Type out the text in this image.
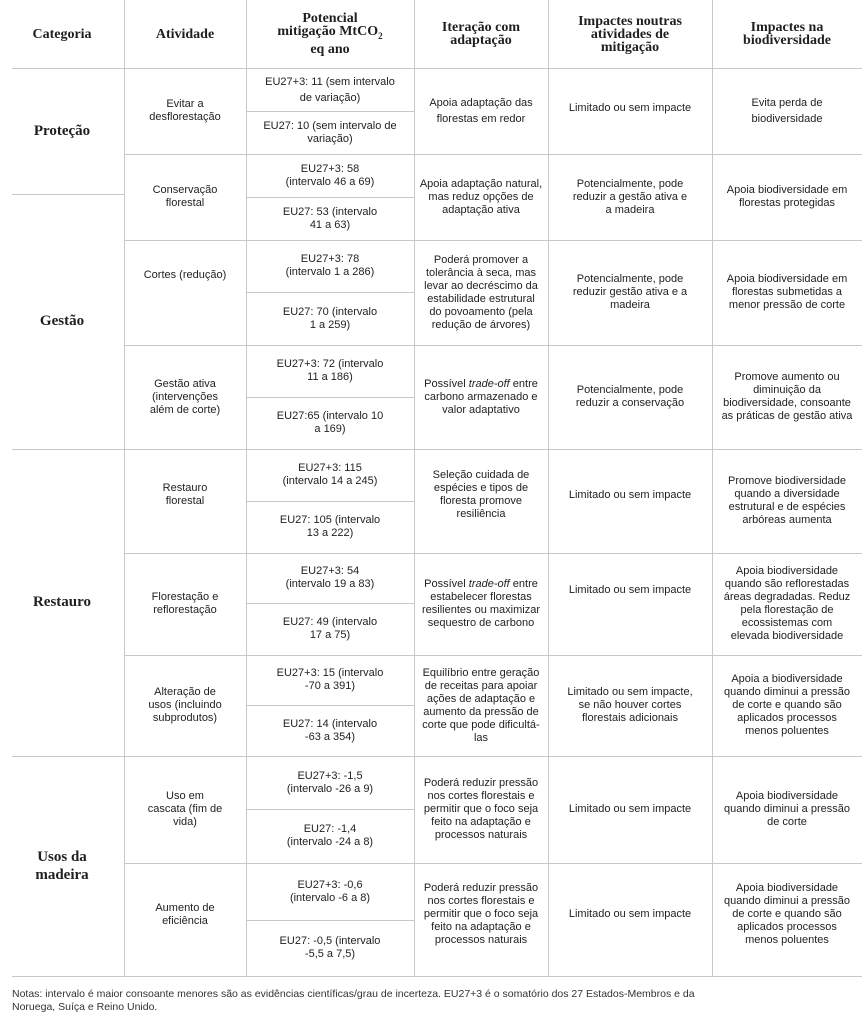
Categoria	Atividade
Potencial
mitigação MtCO$_2$
eq ano
Iteração com adaptação
Impactes noutras atividades de mitigação
Impactes na biodiversidade
Proteção
Gestão
Restauro
Usos da madeira
Evitar a desflorestação
EU27+3: 11 (sem intervalo de variação)
EU27: 10 (sem intervalo de variação)
Apoia adaptação das florestas em redor
Limitado ou sem impacte	Evita perda de biodiversidade
Conservação florestal
EU27+3: 58 (intervalo 46 a 69)
EU27: 53 (intervalo 41 a 63)
Apoia adaptação natural, mas reduz opções de adaptação ativa
Potencialmente, pode reduzir a gestão ativa e a madeira
Apoia biodiversidade em florestas protegidas
Cortes (redução)
EU27+3: 78 (intervalo 1 a 286)
EU27: 70 (intervalo 1 a 259)
Poderá promover a tolerância à seca, mas levar ao decréscimo da estabilidade estrutural do povoamento (pela redução de árvores)
Potencialmente, pode reduzir gestão ativa e a madeira
Apoia biodiversidade em florestas submetidas a menor pressão de corte
Gestão ativa (intervenções além de corte)
EU27+3: 72 (intervalo 11 a 186)
EU27:65 (intervalo 10 a 169)
Possível trade-off entre carbono armazenado e valor adaptativo
Potencialmente, pode reduzir a conservação
Promove aumento ou diminuição da biodiversidade, consoante as práticas de gestão ativa
Restauro florestal
EU27+3: 115 (intervalo 14 a 245)
EU27: 105 (intervalo 13 a 222)
Seleção cuidada de espécies e tipos de floresta promove resiliência
Limitado ou sem impacte
Promove biodiversidade quando a diversidade estrutural e de espécies arbóreas aumenta
Florestação e reflorestação
EU27+3: 54 (intervalo 19 a 83)
EU27: 49 (intervalo 17 a 75)
Possível trade-off entre estabelecer florestas resilientes ou maximizar sequestro de carbono
Limitado ou sem impacte
Apoia biodiversidade quando são reflorestadas áreas degradadas. Reduz pela florestação de ecossistemas com elevada biodiversidade
Alteração de usos (incluindo subprodutos)
EU27+3: 15 (intervalo -70 a 391)
EU27: 14 (intervalo -63 a 354)
Equilíbrio entre geração de receitas para apoiar ações de adaptação e aumento da pressão de corte que pode dificultá-las
Limitado ou sem impacte, se não houver cortes florestais adicionais
Apoia a biodiversidade quando diminui a pressão de corte e quando são aplicados processos menos poluentes
Uso em cascata (fim de vida)
EU27+3: -1,5 (intervalo -26 a 9)
EU27: -1,4 (intervalo -24 a 8)
Poderá reduzir pressão nos cortes florestais e permitir que o foco seja feito na adaptação e processos naturais
Limitado ou sem impacte
Apoia biodiversidade quando diminui a pressão de corte
Aumento de eficiência
EU27+3: -0,6 (intervalo -6 a 8)
EU27: -0,5 (intervalo -5,5 a 7,5)
Poderá reduzir pressão nos cortes florestais e permitir que o foco seja feito na adaptação e processos naturais
Limitado ou sem impacte
Apoia biodiversidade quando diminui a pressão de corte e quando são aplicados processos menos poluentes
Notas: intervalo é maior consoante menores são as evidências científicas/grau de incerteza. EU27+3 é o somatório dos 27 Estados-Membros e da Noruega, Suíça e Reino Unido.
